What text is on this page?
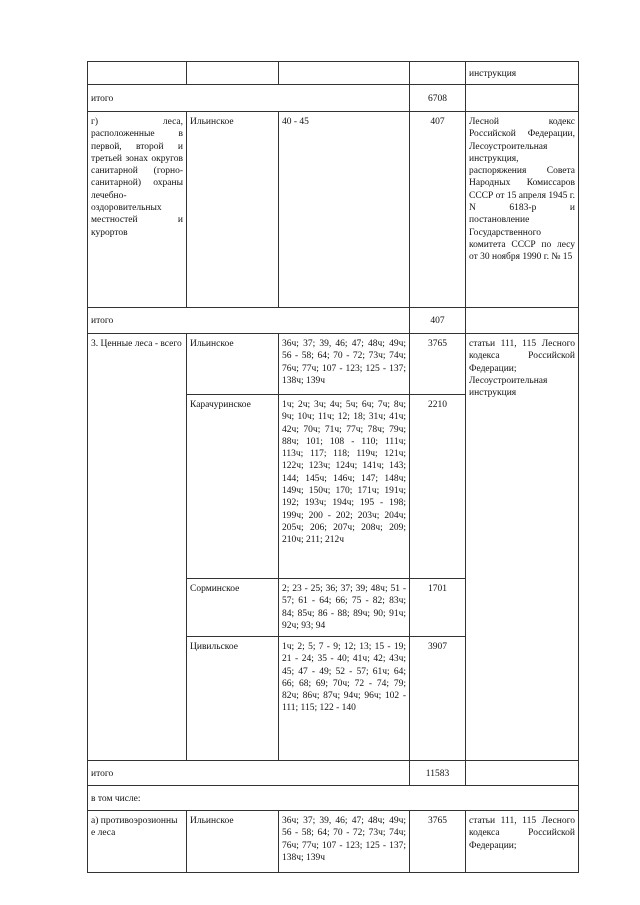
				инструкция
итого			6708	
г) леса, расположенные в первой, второй и третьей зонах округов санитарной (горно-санитарной) охраны лечебно-оздоровительных местностей и курортов	Ильинское	40 - 45	407	Лесной кодекс Российской Федерации, Лесоустроительная инструкция, распоряжения Совета Народных Комиссаров СССР от 15 апреля 1945 г. N 6183-р и постановление Государственного комитета СССР по лесу от 30 ноября 1990 г. № 15
итого			407	
3. Ценные леса - всего	Ильинское	36ч; 37; 39, 46; 47; 48ч; 49ч; 56 - 58; 64; 70 - 72; 73ч; 74ч; 76ч; 77ч; 107 - 123; 125 - 137; 138ч; 139ч	3765	статьи 111, 115 Лесного кодекса Российской Федерации; Лесоустроительная инструкция
	Карачуринское	1ч; 2ч; 3ч; 4ч; 5ч; 6ч; 7ч; 8ч; 9ч; 10ч; 11ч; 12; 18; 31ч; 41ч; 42ч; 70ч; 71ч; 77ч; 78ч; 79ч; 88ч; 101; 108 - 110; 111ч; 113ч; 117; 118; 119ч; 121ч; 122ч; 123ч; 124ч; 141ч; 143; 144; 145ч; 146ч; 147; 148ч; 149ч; 150ч; 170; 171ч; 191ч; 192; 193ч; 194ч; 195 - 198; 199ч; 200 - 202; 203ч; 204ч; 205ч; 206; 207ч; 208ч; 209; 210ч; 211; 212ч	2210	
	Сорминское	2; 23 - 25; 36; 37; 39; 48ч; 51 - 57; 61 - 64; 66; 75 - 82; 83ч; 84; 85ч; 86 - 88; 89ч; 90; 91ч; 92ч; 93; 94	1701	
	Цивильское	1ч; 2; 5; 7 - 9; 12; 13; 15 - 19; 21 - 24; 35 - 40; 41ч; 42; 43ч; 45; 47 - 49; 52 - 57; 61ч; 64; 66; 68; 69; 70ч; 72 - 74; 79; 82ч; 86ч; 87ч; 94ч; 96ч; 102 - 111; 115; 122 - 140	3907	
итого			11583	
в том числе:				
а) противоэрозионны е леса	Ильинское	36ч; 37; 39, 46; 47; 48ч; 49ч; 56 - 58; 64; 70 - 72; 73ч; 74ч; 76ч; 77ч; 107 - 123; 125 - 137; 138ч; 139ч	3765	статьи 111, 115 Лесного кодекса Российской Федерации;
